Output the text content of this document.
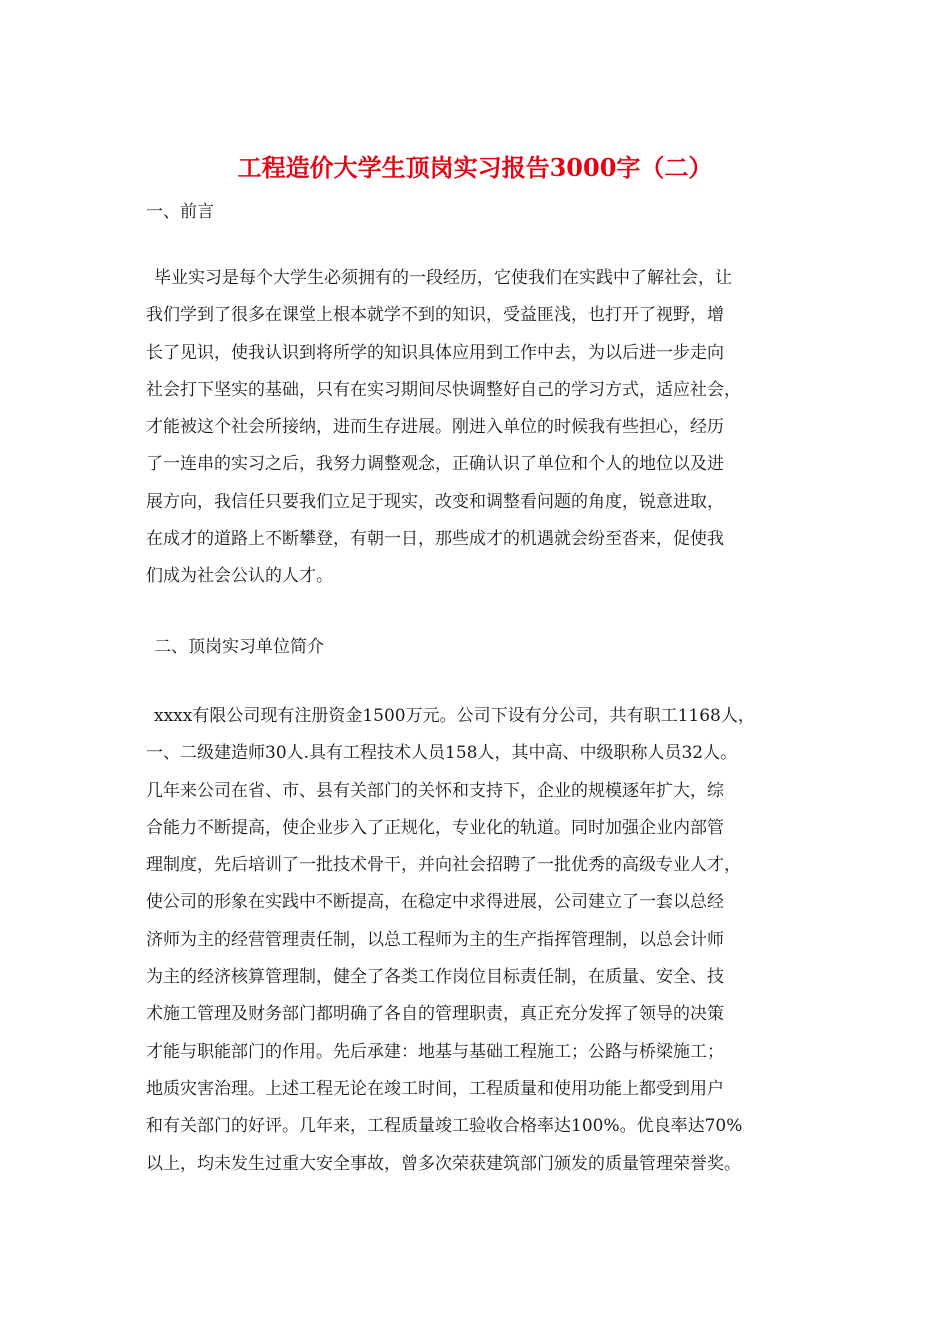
工程造价大学生顶岗实习报告3000字（二）
一、前言
毕业实习是每个大学生必须拥有的一段经历，它使我们在实践中了解社会，让
我们学到了很多在课堂上根本就学不到的知识，受益匪浅，也打开了视野，增
长了见识，使我认识到将所学的知识具体应用到工作中去，为以后进一步走向
社会打下坚实的基础，只有在实习期间尽快调整好自己的学习方式，适应社会，
才能被这个社会所接纳，进而生存进展。刚进入单位的时候我有些担心，经历
了一连串的实习之后，我努力调整观念，正确认识了单位和个人的地位以及进
展方向，我信任只要我们立足于现实，改变和调整看问题的角度，锐意进取，
在成才的道路上不断攀登，有朝一日，那些成才的机遇就会纷至沓来，促使我
们成为社会公认的人才。
二、顶岗实习单位简介
xxxx有限公司现有注册资金1500万元。公司下设有分公司，共有职工1168人，
一、二级建造师30人.具有工程技术人员158人，其中高、中级职称人员32人。
几年来公司在省、市、县有关部门的关怀和支持下，企业的规模逐年扩大，综
合能力不断提高，使企业步入了正规化，专业化的轨道。同时加强企业内部管
理制度，先后培训了一批技术骨干，并向社会招聘了一批优秀的高级专业人才，
使公司的形象在实践中不断提高，在稳定中求得进展，公司建立了一套以总经
济师为主的经营管理责任制，以总工程师为主的生产指挥管理制，以总会计师
为主的经济核算管理制，健全了各类工作岗位目标责任制，在质量、安全、技
术施工管理及财务部门都明确了各自的管理职责，真正充分发挥了领导的决策
才能与职能部门的作用。先后承建：地基与基础工程施工；公路与桥梁施工；
地质灾害治理。上述工程无论在竣工时间，工程质量和使用功能上都受到用户
和有关部门的好评。几年来，工程质量竣工验收合格率达100%。优良率达70%
以上，均未发生过重大安全事故，曾多次荣获建筑部门颁发的质量管理荣誉奖。
